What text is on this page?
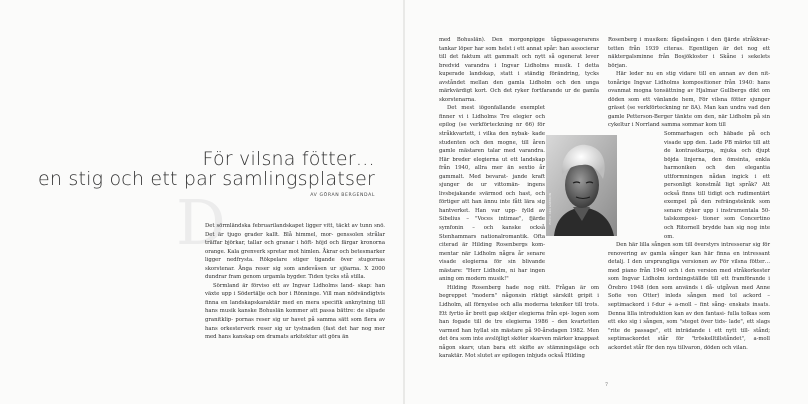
För vilsna fötter…
en stig och ett par samlingsplatser
AV GÖRAN BERGENDAL
D

Det sörmländska februarilandskapet ligger vitt, täckt av tunn snö. Det är tjugo grader kallt. Blå himmel, mor- genssolen strålar träffar björkar, tallar och granar i höft- höjd och färgar kronorna orange. Kala grenverk spretar mot himlen. Åkrar och betesmarker ligger nedfrysta. Rökpelare stiger tigande över stugornas skorstenar. Ånga reser sig som andevåsen ur sjöarna. X 2000 dundrar fram genom urgamla bygder. Tiden tycks stå stilla.

Sörmland är förviso ett av Ingvar Lidholms land- skap: han växte upp i Södertälje och bor i Rönninge. Vill man nödvändigtvis finna en landskapskaraktär med en mera specifik anknytning till hans musik kanske Bohuslän kommer att passa bättre: de slipade granitklip- pornas reser sig ur havet på samma sätt som flera av hans orkesterverk reser sig ur tystnaden (fast det har nog mer med hans kanskap om dramats arkitektur att göra än

med Bohuslän). Den morgonpigge tågpassagerarens tankar löper har som helst i ett annat spår: han associerar till det faktum att gammalt och nytt så ogenerat lever bredvid varandra i Ingvar Lidholms musik. I detta kuperade landskap, statt i ständig förändring, tycks avståndet mellan den gamla Lidholm och den unga märkvärdigt kort. Och det ryker fortfarande ur de gamla skorstenarna.

Det mest iögonfallande exemplet finner vi i Lidholms Tre elegier och epilog (se verkförteckning nr 66) för stråkkvartett, i vilka den nybak- kade studenten och den mogne, till åren gamle mästaren talar med varandra. Här breder elegierna ut ett landskap från 1940, allra mer än sextio år gammalt. Med bevarat- jande kraft sjunger de ur vittomän- ingens livsbejakande svärmod och hast, och förtiger att han ännu inte fått lära sig hantverket. Han var upp- fylld av Sibelius – "Voces intimae", fjärde symfonin – och kanske också Stenhammars nationalromantik. Ofta citerad är Hilding Rosenbergs kom- mentar när Lidholm några år senare visade elegierna för sin blivande mästare: "Herr Lidholm, ni har ingen aning om modern musik!"

Hilding Rosenberg hade nog rätt. Frågan är om begreppet "modern" någonsin riktigt särskilt gripit i Lidholm, all förnyelse och alla moderna tekniker till trots. Ett fyrtio år brett gap skiljer elegierna från epi- logen som han fogade till de tre elegierna 1986 – den kvartetten varmed han hyllat sin mästare på 90-årsdagen 1982. Men det öra som inte avslöjligt sköter skarven märker knappast någon skarv, utan bara ett skifte av stämningsläge och karaktär. Mot slutet av epilogen inbjuds också Hilding

Rosenberg i musiken: fågelsången i den fjärde stråkkvar- tetten från 1939 citeras. Egentligen är det nog ett näktergalsminne från Bosjökloster i Skåne i sekelets början.

Här leder nu en stig vidare till en annan av den nit- tonårige Ingvar Lidholms kompositioner från 1940: hans ovanmat mogna tonsättning av Hjalmar Gullbergs dikt om döden som ett vänlande hem, För vilsna fötter sjunger gräset (se verkförteckning nr 8A). Man kan undra vad den gamle Petterson-Berger tänkte om den, när Lidholm på sin cykeltur i Norrland samma sommar kom till

Sommarhagen och häbade på och visade upp den. Lade PB märke till att de kontrastkarpa, mjuka och djupt böjda linjerna, den ömsinta, enkla harmoniken och den elegantia uttformningen nådan ingick i ett personligt konstmål ligt språk? Att också finns till tidigt och rudimentärt exempel på den refrängsteknik som senare dyker upp i instrumentala 50-talskomposi- tioner som Concertino och Ritornell brydde han sig nog inte om.

Den här lilla sången som till överstyrs intresserar sig för renovering av gamla sånger kan här finna en intressant detalj. I den ursprungliga versionen av För vilsna fötter… med piano från 1940 och i den version med stråkorkester som Ingvar Lidholm iordningställde till ett framförande i Örebro 1948 (den som används i då- utgåvan med Anne Sofie von Otter) inleds sången med tol ackord – septimackord i f-dur + a-moll – fint sång- enskats insats. Denna lilla introduktion kan av den fantasi- fulla tolkas som ett eko sig i sången, som "steget över tids- lade", ett slags "rite de passage", ett inträdande i ett nytt till- stånd; septimackordet står för "tröskelltillståndet", a-moll ackordet står för den nya tillvaron, döden och vilan.

FOTO: ÅKA LARSSON
7
